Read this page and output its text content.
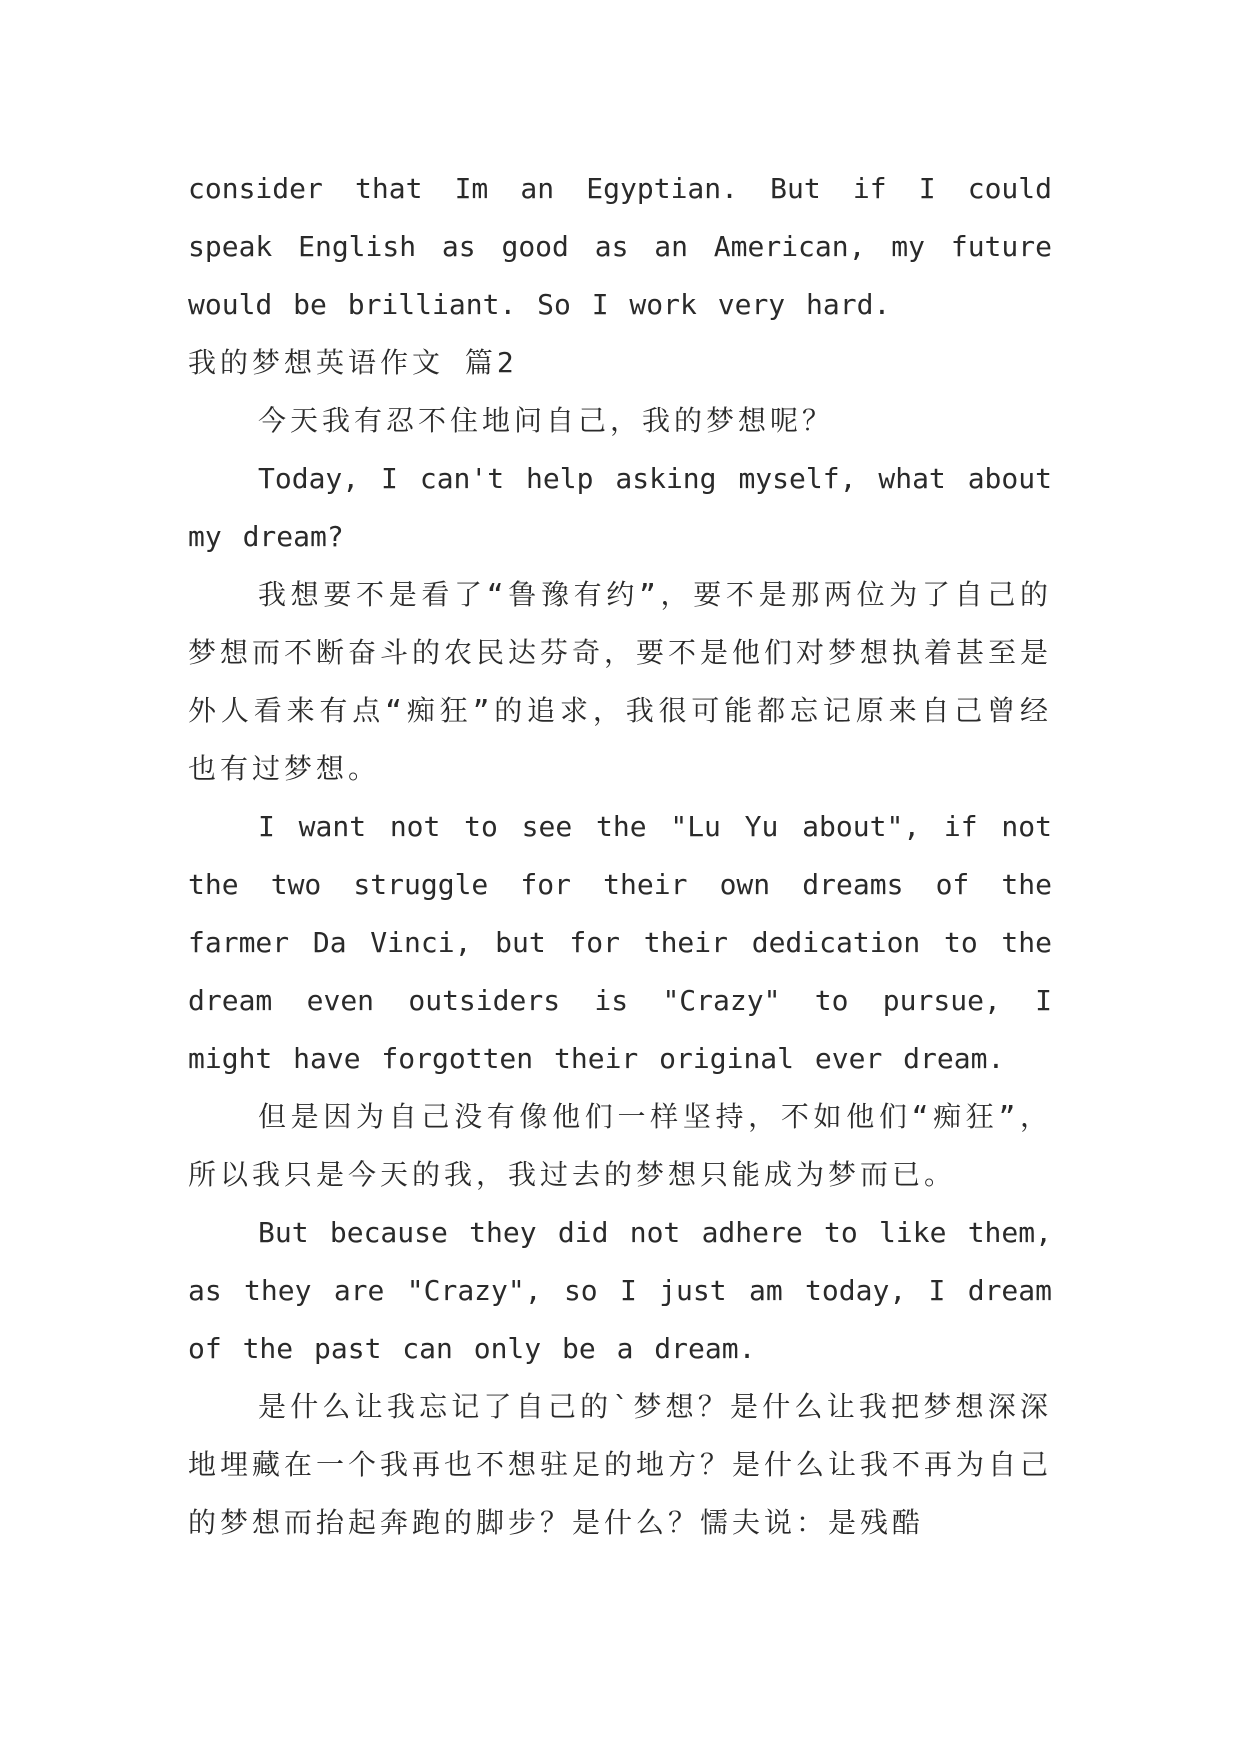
consider that Im an Egyptian. But if I could speak English as good as an American, my future would be brilliant. So I work very hard.

我的梦想英语作文 篇2

今天我有忍不住地问自己，我的梦想呢？

Today, I can't help asking myself, what about my dream?

我想要不是看了“鲁豫有约”，要不是那两位为了自己的梦想而不断奋斗的农民达芬奇，要不是他们对梦想执着甚至是外人看来有点“痴狂”的追求，我很可能都忘记原来自己曾经也有过梦想。

I want not to see the "Lu Yu about", if not the two struggle for their own dreams of the farmer Da Vinci, but for their dedication to the dream even outsiders is "Crazy" to pursue, I might have forgotten their original ever dream.

但是因为自己没有像他们一样坚持，不如他们“痴狂”，所以我只是今天的我，我过去的梦想只能成为梦而已。

But because they did not adhere to like them, as they are "Crazy", so I just am today, I dream of the past can only be a dream.

是什么让我忘记了自己的`梦想？是什么让我把梦想深深地埋藏在一个我再也不想驻足的地方？是什么让我不再为自己的梦想而抬起奔跑的脚步？是什么？懦夫说：是残酷
